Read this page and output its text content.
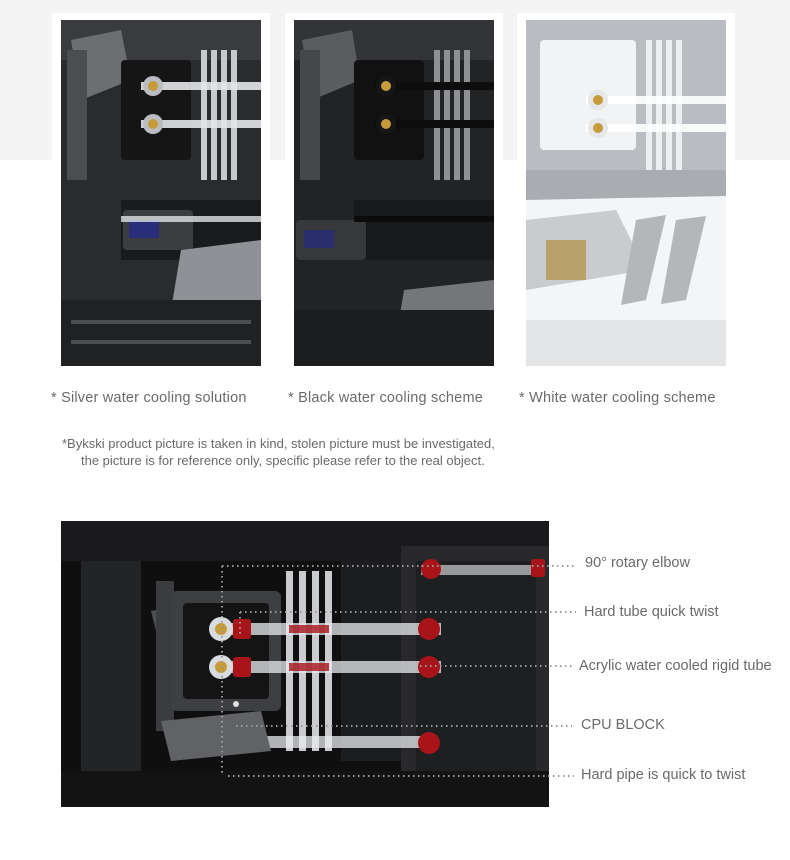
* Silver water cooling solution	* Black water cooling scheme * White water cooling scheme
*Bykski product picture is taken in kind, stolen picture must be investigated,
the picture is for reference only, specific please refer to the real object.
90° rotary elbow
Hard tube quick twist
Acrylic water cooled rigid tube
CPU BLOCK
Hard pipe is quick to twist
